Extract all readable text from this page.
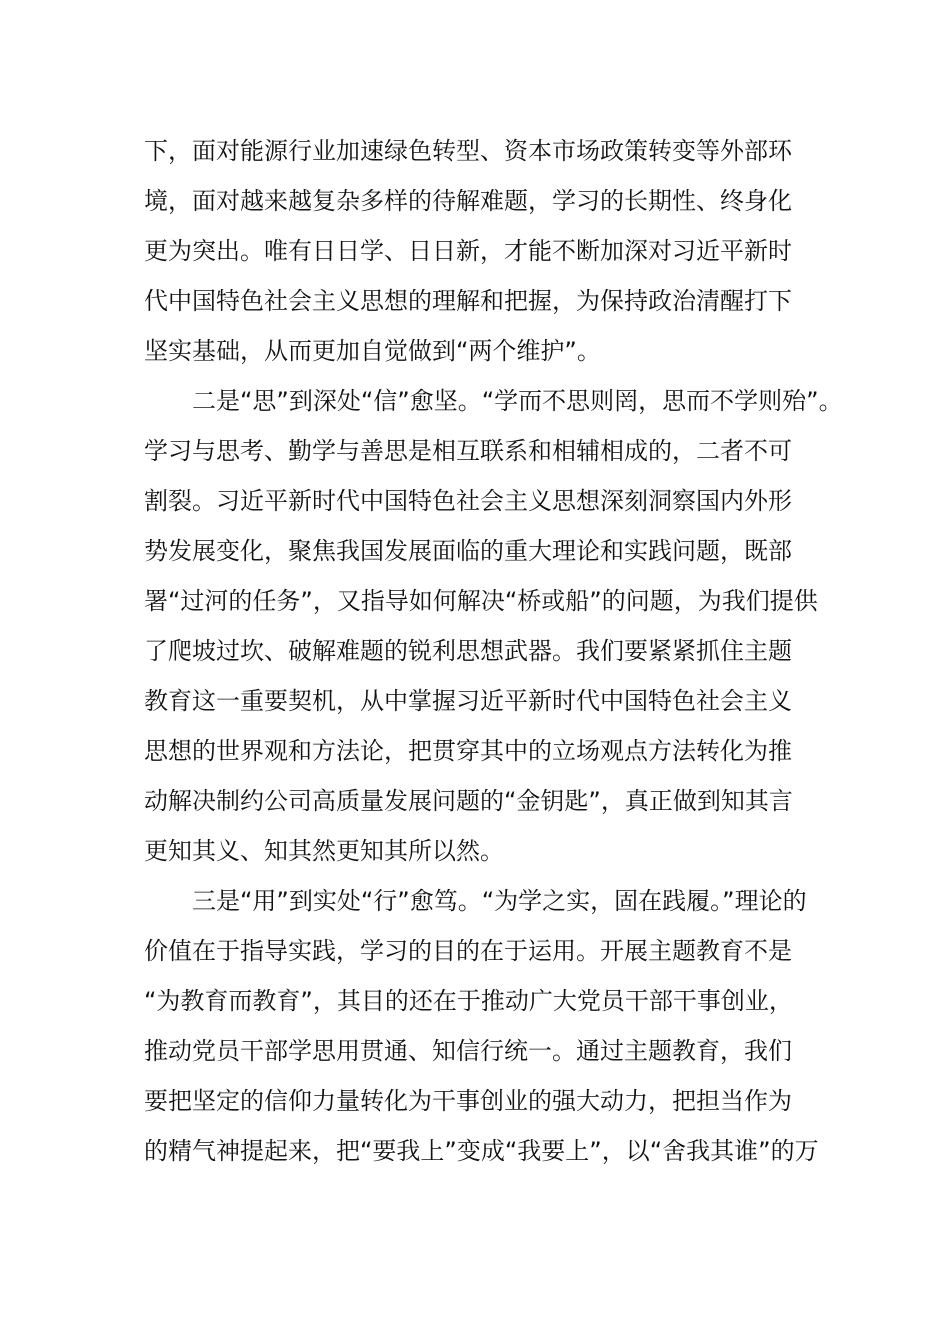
下，面对能源行业加速绿色转型、资本市场政策转变等外部环
境，面对越来越复杂多样的待解难题，学习的长期性、终身化
更为突出。唯有日日学、日日新，才能不断加深对习近平新时
代中国特色社会主义思想的理解和把握，为保持政治清醒打下
坚实基础，从而更加自觉做到“两个维护”。
　　二是“思”到深处“信”愈坚。“学而不思则罔，思而不学则殆”。
学习与思考、勤学与善思是相互联系和相辅相成的，二者不可
割裂。习近平新时代中国特色社会主义思想深刻洞察国内外形
势发展变化，聚焦我国发展面临的重大理论和实践问题，既部
署“过河的任务”，又指导如何解决“桥或船”的问题，为我们提供
了爬坡过坎、破解难题的锐利思想武器。我们要紧紧抓住主题
教育这一重要契机，从中掌握习近平新时代中国特色社会主义
思想的世界观和方法论，把贯穿其中的立场观点方法转化为推
动解决制约公司高质量发展问题的“金钥匙”，真正做到知其言
更知其义、知其然更知其所以然。
　　三是“用”到实处“行”愈笃。“为学之实，固在践履。”理论的
价值在于指导实践，学习的目的在于运用。开展主题教育不是
“为教育而教育”，其目的还在于推动广大党员干部干事创业，
推动党员干部学思用贯通、知信行统一。通过主题教育，我们
要把坚定的信仰力量转化为干事创业的强大动力，把担当作为
的精气神提起来，把“要我上”变成“我要上”，以“舍我其谁”的万
